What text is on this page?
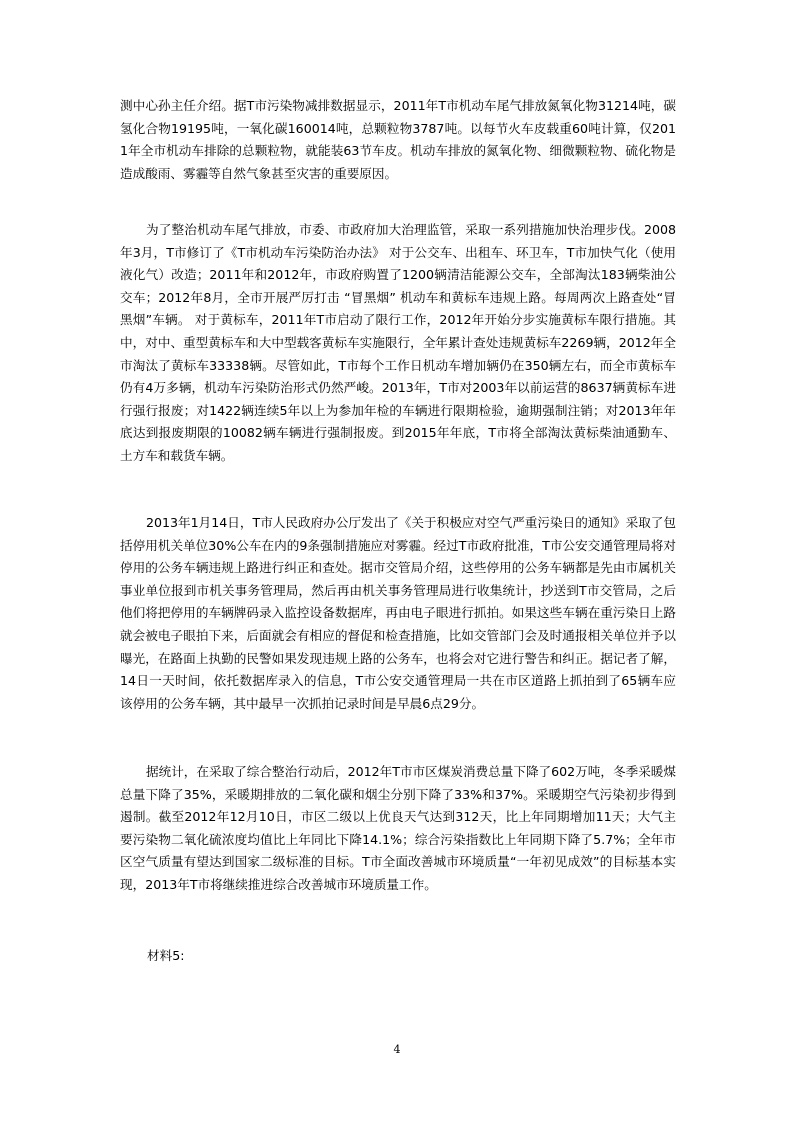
测中心孙主任介绍。据T市污染物减排数据显示，2011年T市机动车尾气排放氮氧化物31214吨，碳氢化合物19195吨，一氧化碳160014吨，总颗粒物3787吨。以每节火车皮载重60吨计算，仅2011年全市机动车排除的总颗粒物，就能装63节车皮。机动车排放的氮氧化物、细微颗粒物、硫化物是造成酸雨、雾霾等自然气象甚至灾害的重要原因。

为了整治机动车尾气排放，市委、市政府加大治理监管，采取一系列措施加快治理步伐。2008年3月，T市修订了《T市机动车污染防治办法》 对于公交车、出租车、环卫车，T市加快气化（使用液化气）改造；2011年和2012年，市政府购置了1200辆清洁能源公交车，全部淘汰183辆柴油公交车；2012年8月，全市开展严厉打击 “冒黑烟” 机动车和黄标车违规上路。每周两次上路查处“冒黑烟”车辆。 对于黄标车，2011年T市启动了限行工作，2012年开始分步实施黄标车限行措施。其中，对中、重型黄标车和大中型载客黄标车实施限行，全年累计查处违规黄标车2269辆，2012年全市淘汰了黄标车33338辆。尽管如此，T市每个工作日机动车增加辆仍在350辆左右，而全市黄标车仍有4万多辆，机动车污染防治形式仍然严峻。2013年，T市对2003年以前运营的8637辆黄标车进行强行报废；对1422辆连续5年以上为参加年检的车辆进行限期检验，逾期强制注销；对2013年年底达到报废期限的10082辆车辆进行强制报废。到2015年年底，T市将全部淘汰黄标柴油通勤车、土方车和载货车辆。

2013年1月14日，T市人民政府办公厅发出了《关于积极应对空气严重污染日的通知》采取了包括停用机关单位30%公车在内的9条强制措施应对雾霾。经过T市政府批准，T市公安交通管理局将对停用的公务车辆违规上路进行纠正和查处。据市交管局介绍，这些停用的公务车辆都是先由市属机关事业单位报到市机关事务管理局，然后再由机关事务管理局进行收集统计，抄送到T市交管局，之后他们将把停用的车辆牌码录入监控设备数据库，再由电子眼进行抓拍。如果这些车辆在重污染日上路就会被电子眼拍下来，后面就会有相应的督促和检查措施，比如交管部门会及时通报相关单位并予以曝光，在路面上执勤的民警如果发现违规上路的公务车，也将会对它进行警告和纠正。据记者了解，14日一天时间，依托数据库录入的信息，T市公安交通管理局一共在市区道路上抓拍到了65辆车应该停用的公务车辆，其中最早一次抓拍记录时间是早晨6点29分。

据统计，在采取了综合整治行动后，2012年T市市区煤炭消费总量下降了602万吨，冬季采暖煤总量下降了35%，采暖期排放的二氧化碳和烟尘分别下降了33%和37%。采暖期空气污染初步得到遏制。截至2012年12月10日，市区二级以上优良天气达到312天，比上年同期增加11天；大气主要污染物二氧化硫浓度均值比上年同比下降14.1%；综合污染指数比上年同期下降了5.7%；全年市区空气质量有望达到国家二级标准的目标。T市全面改善城市环境质量“一年初见成效”的目标基本实现，2013年T市将继续推进综合改善城市环境质量工作。

材料5:

4
